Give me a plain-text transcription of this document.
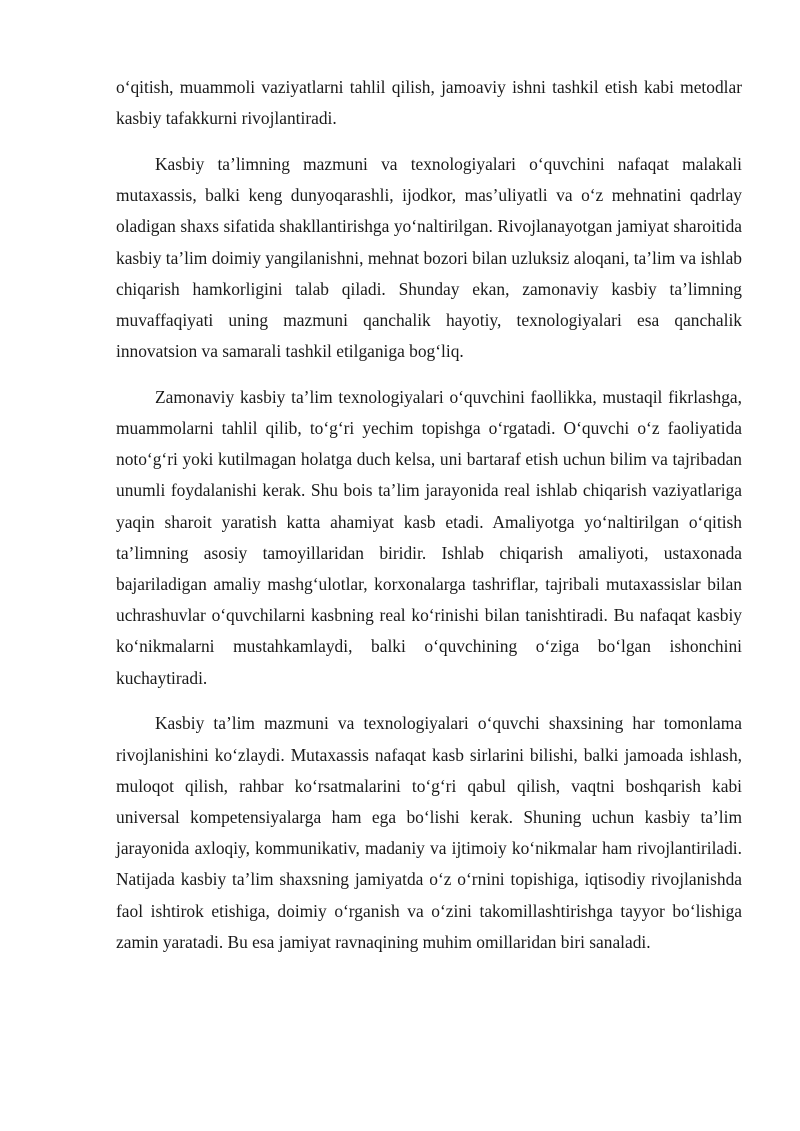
o‘qitish, muammoli vaziyatlarni tahlil qilish, jamoaviy ishni tashkil etish kabi metodlar kasbiy tafakkurni rivojlantiradi.

Kasbiy ta’limning mazmuni va texnologiyalari o‘quvchini nafaqat malakali mutaxassis, balki keng dunyoqarashli, ijodkor, mas’uliyatli va o‘z mehnatini qadrlay oladigan shaxs sifatida shakllantirishga yo‘naltirilgan. Rivojlanayotgan jamiyat sharoitida kasbiy ta’lim doimiy yangilanishni, mehnat bozori bilan uzluksiz aloqani, ta’lim va ishlab chiqarish hamkorligini talab qiladi. Shunday ekan, zamonaviy kasbiy ta’limning muvaffaqiyati uning mazmuni qanchalik hayotiy, texnologiyalari esa qanchalik innovatsion va samarali tashkil etilganiga bog‘liq.

Zamonaviy kasbiy ta’lim texnologiyalari o‘quvchini faollikka, mustaqil fikrlashga, muammolarni tahlil qilib, to‘g‘ri yechim topishga o‘rgatadi. O‘quvchi o‘z faoliyatida noto‘g‘ri yoki kutilmagan holatga duch kelsa, uni bartaraf etish uchun bilim va tajribadan unumli foydalanishi kerak. Shu bois ta’lim jarayonida real ishlab chiqarish vaziyatlariga yaqin sharoit yaratish katta ahamiyat kasb etadi. Amaliyotga yo‘naltirilgan o‘qitish ta’limning asosiy tamoyillaridan biridir. Ishlab chiqarish amaliyoti, ustaxonada bajariladigan amaliy mashg‘ulotlar, korxonalarga tashriflar, tajribali mutaxassislar bilan uchrashuvlar o‘quvchilarni kasbning real ko‘rinishi bilan tanishtiradi. Bu nafaqat kasbiy ko‘nikmalarni mustahkamlaydi, balki o‘quvchining o‘ziga bo‘lgan ishonchini kuchaytiradi.

Kasbiy ta’lim mazmuni va texnologiyalari o‘quvchi shaxsining har tomonlama rivojlanishini ko‘zlaydi. Mutaxassis nafaqat kasb sirlarini bilishi, balki jamoada ishlash, muloqot qilish, rahbar ko‘rsatmalarini to‘g‘ri qabul qilish, vaqtni boshqarish kabi universal kompetensiyalarga ham ega bo‘lishi kerak. Shuning uchun kasbiy ta’lim jarayonida axloqiy, kommunikativ, madaniy va ijtimoiy ko‘nikmalar ham rivojlantiriladi. Natijada kasbiy ta’lim shaxsning jamiyatda o‘z o‘rnini topishiga, iqtisodiy rivojlanishda faol ishtirok etishiga, doimiy o‘rganish va o‘zini takomillashtirishga tayyor bo‘lishiga zamin yaratadi. Bu esa jamiyat ravnaqining muhim omillaridan biri sanaladi.
